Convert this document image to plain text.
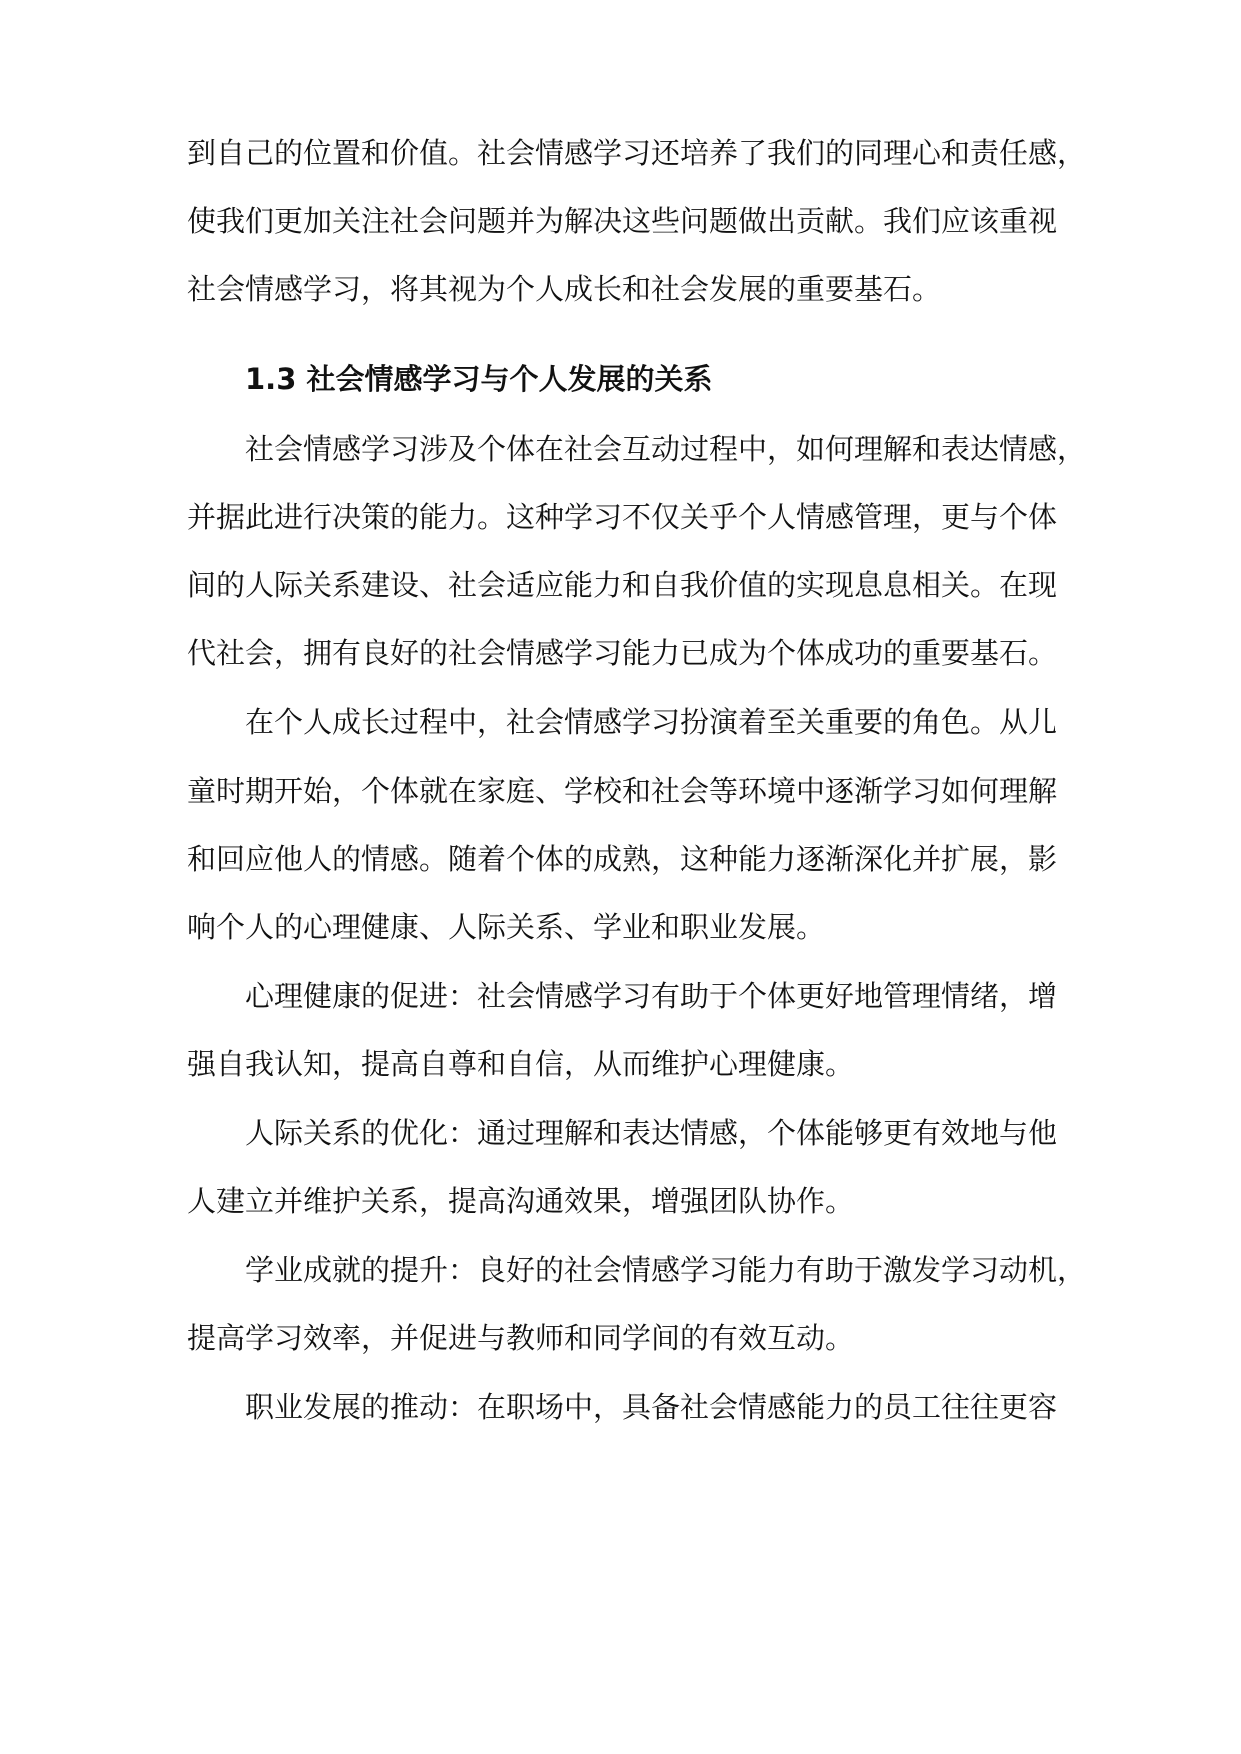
到自己的位置和价值。社会情感学习还培养了我们的同理心和责任感，
使我们更加关注社会问题并为解决这些问题做出贡献。我们应该重视
社会情感学习，将其视为个人成长和社会发展的重要基石。
1.3 社会情感学习与个人发展的关系
社会情感学习涉及个体在社会互动过程中，如何理解和表达情感，
并据此进行决策的能力。这种学习不仅关乎个人情感管理，更与个体
间的人际关系建设、社会适应能力和自我价值的实现息息相关。在现
代社会，拥有良好的社会情感学习能力已成为个体成功的重要基石。
在个人成长过程中，社会情感学习扮演着至关重要的角色。从儿
童时期开始，个体就在家庭、学校和社会等环境中逐渐学习如何理解
和回应他人的情感。随着个体的成熟，这种能力逐渐深化并扩展，影
响个人的心理健康、人际关系、学业和职业发展。
心理健康的促进：社会情感学习有助于个体更好地管理情绪，增
强自我认知，提高自尊和自信，从而维护心理健康。
人际关系的优化：通过理解和表达情感，个体能够更有效地与他
人建立并维护关系，提高沟通效果，增强团队协作。
学业成就的提升：良好的社会情感学习能力有助于激发学习动机，
提高学习效率，并促进与教师和同学间的有效互动。
职业发展的推动：在职场中，具备社会情感能力的员工往往更容
